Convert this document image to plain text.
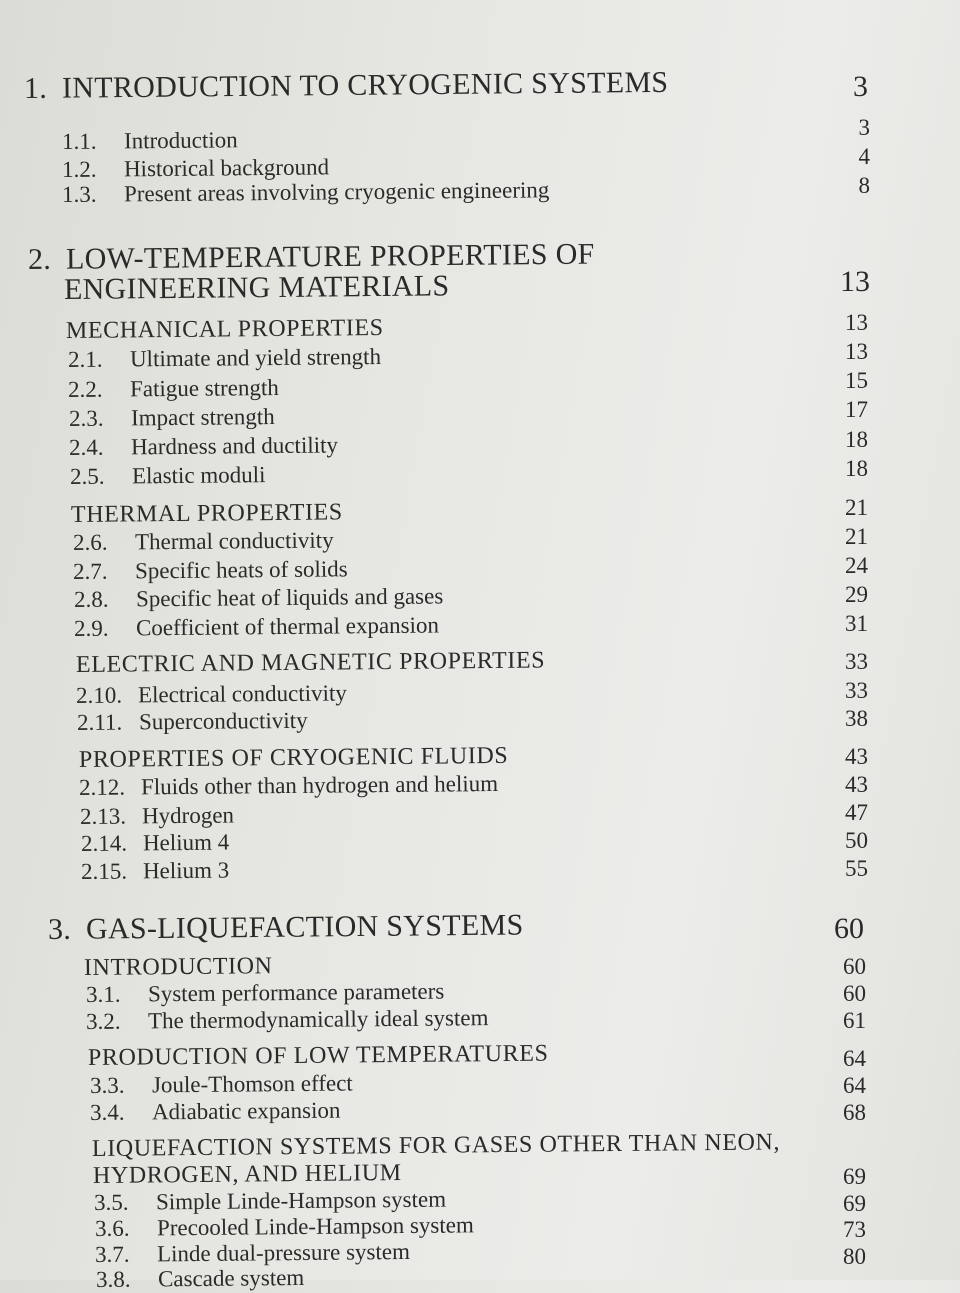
1. INTRODUCTION TO CRYOGENIC SYSTEMS	3
1.1. Introduction	3
1.2. Historical background	4
1.3. Present areas involving cryogenic engineering	8
2. LOW-TEMPERATURE PROPERTIES OF
ENGINEERING MATERIALS	13
MECHANICAL PROPERTIES	13
2.1. Ultimate and yield strength	13
2.2. Fatigue strength	15
2.3. Impact strength	17
2.4. Hardness and ductility	18
2.5. Elastic moduli	18
THERMAL PROPERTIES	21
2.6. Thermal conductivity	21
2.7. Specific heats of solids	24
2.8. Specific heat of liquids and gases	29
2.9. Coefficient of thermal expansion	31
ELECTRIC AND MAGNETIC PROPERTIES	33
2.10. Electrical conductivity	33
2.11. Superconductivity	38
PROPERTIES OF CRYOGENIC FLUIDS	43
2.12. Fluids other than hydrogen and helium	43
2.13. Hydrogen	47
2.14. Helium 4	50
2.15. Helium 3	55
3. GAS-LIQUEFACTION SYSTEMS	60
INTRODUCTION	60
3.1. System performance parameters	60
3.2. The thermodynamically ideal system	61
PRODUCTION OF LOW TEMPERATURES	64
3.3. Joule-Thomson effect	64
3.4. Adiabatic expansion	68
LIQUEFACTION SYSTEMS FOR GASES OTHER THAN NEON,
HYDROGEN, AND HELIUM	69
3.5. Simple Linde-Hampson system	69
3.6. Precooled Linde-Hampson system	73
3.7. Linde dual-pressure system	80
3.8. Cascade system
